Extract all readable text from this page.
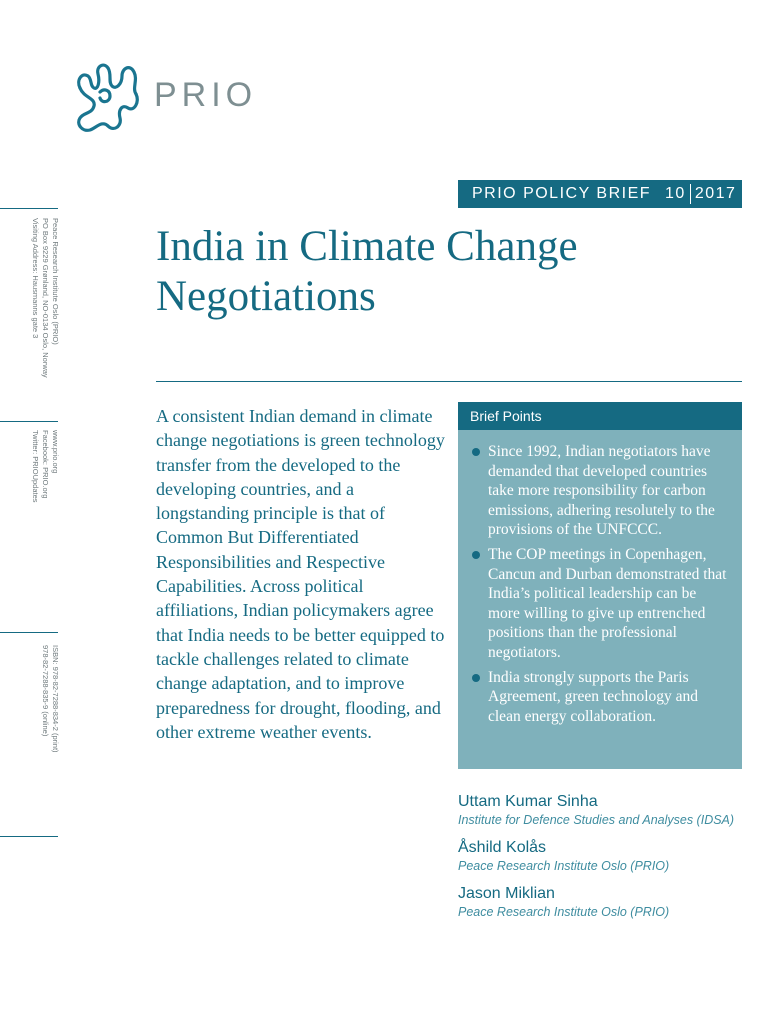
PRIO
PRIO POLICY BRIEF 10 2017
India in Climate Change Negotiations
Peace Research Institute Oslo (PRIO)
PO Box 9229 Grønland, NO-0134 Oslo, Norway
Visiting Address: Hausmanns gate 3
www.prio.org
Facebook: PRIO.org
Twitter: PRIOUpdates
ISBN: 978-82-7288-834-2 (print)
978-82-7288-835-9 (online)
A consistent Indian demand in climate change negotiations is green technology transfer from the developed to the developing countries, and a longstanding principle is that of Common But Differentiated Responsibilities and Respective Capabilities. Across political affiliations, Indian policymakers agree that India needs to be better equipped to tackle challenges related to climate change adaptation, and to improve preparedness for drought, flooding, and other extreme weather events.
Brief Points
Since 1992, Indian negotiators have demanded that developed countries take more responsibility for carbon emissions, adhering resolutely to the provisions of the UNFCCC.
The COP meetings in Copenhagen, Cancun and Durban demonstrated that India’s political leadership can be more willing to give up entrenched positions than the professional negotiators.
India strongly supports the Paris Agreement, green technology and clean energy collaboration.
Uttam Kumar Sinha
Institute for Defence Studies and Analyses (IDSA)
Åshild Kolås
Peace Research Institute Oslo (PRIO)
Jason Miklian
Peace Research Institute Oslo (PRIO)
